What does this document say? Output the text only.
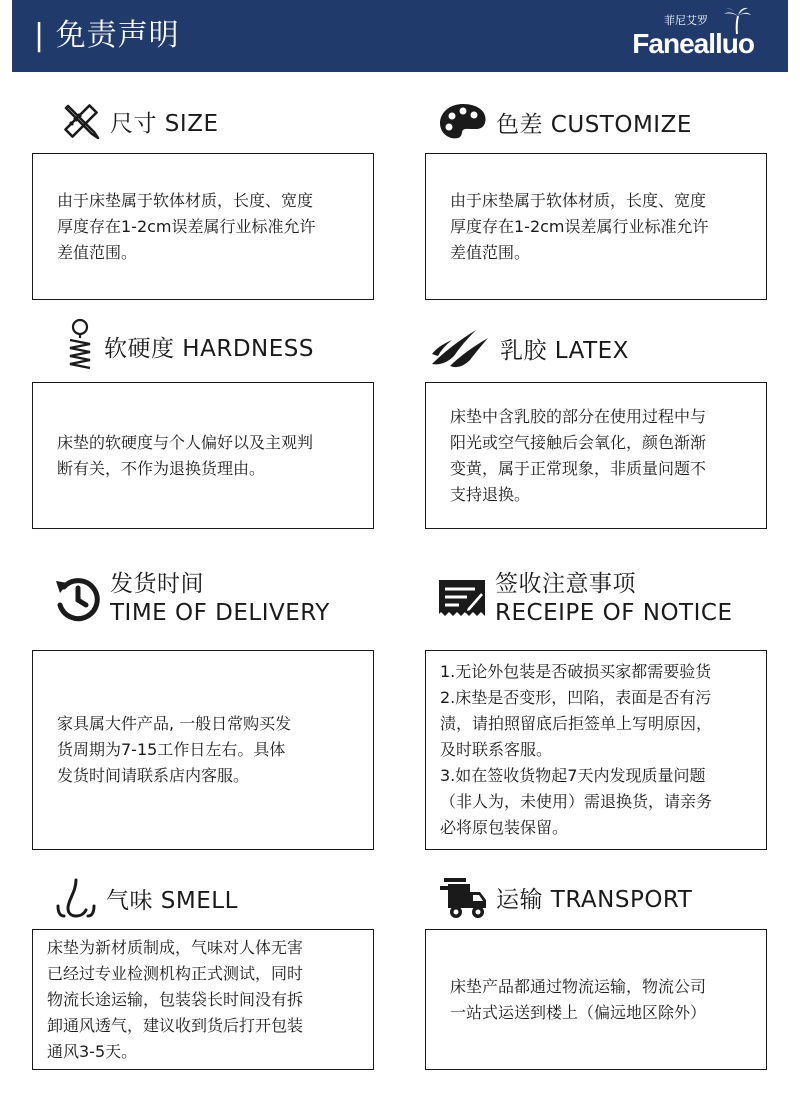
| 免责声明	菲尼艾罗
Fanealluo
尺寸 SIZE
由于床垫属于软体材质，长度、宽度
厚度存在1-2cm误差属行业标准允许
差值范围。
色差 CUSTOMIZE
由于床垫属于软体材质，长度、宽度
厚度存在1-2cm误差属行业标准允许
差值范围。
软硬度 HARDNESS
床垫的软硬度与个人偏好以及主观判
断有关，不作为退换货理由。
乳胶 LATEX
床垫中含乳胶的部分在使用过程中与
阳光或空气接触后会氧化，颜色渐渐
变黄，属于正常现象，非质量问题不
支持退换。
发货时间
TIME OF DELIVERY
家具属大件产品, 一般日常购买发
货周期为7-15工作日左右。具体
发货时间请联系店内客服。
签收注意事项
RECEIPE OF NOTICE
1.无论外包装是否破损买家都需要验货
2.床垫是否变形，凹陷，表面是否有污
渍，请拍照留底后拒签单上写明原因，
及时联系客服。
3.如在签收货物起7天内发现质量问题
（非人为，未使用）需退换货，请亲务
必将原包装保留。
气味 SMELL
床垫为新材质制成，气味对人体无害
已经过专业检测机构正式测试，同时
物流长途运输，包装袋长时间没有拆
卸通风透气，建议收到货后打开包装
通风3-5天。
运输 TRANSPORT
床垫产品都通过物流运输，物流公司
一站式运送到楼上（偏远地区除外）
